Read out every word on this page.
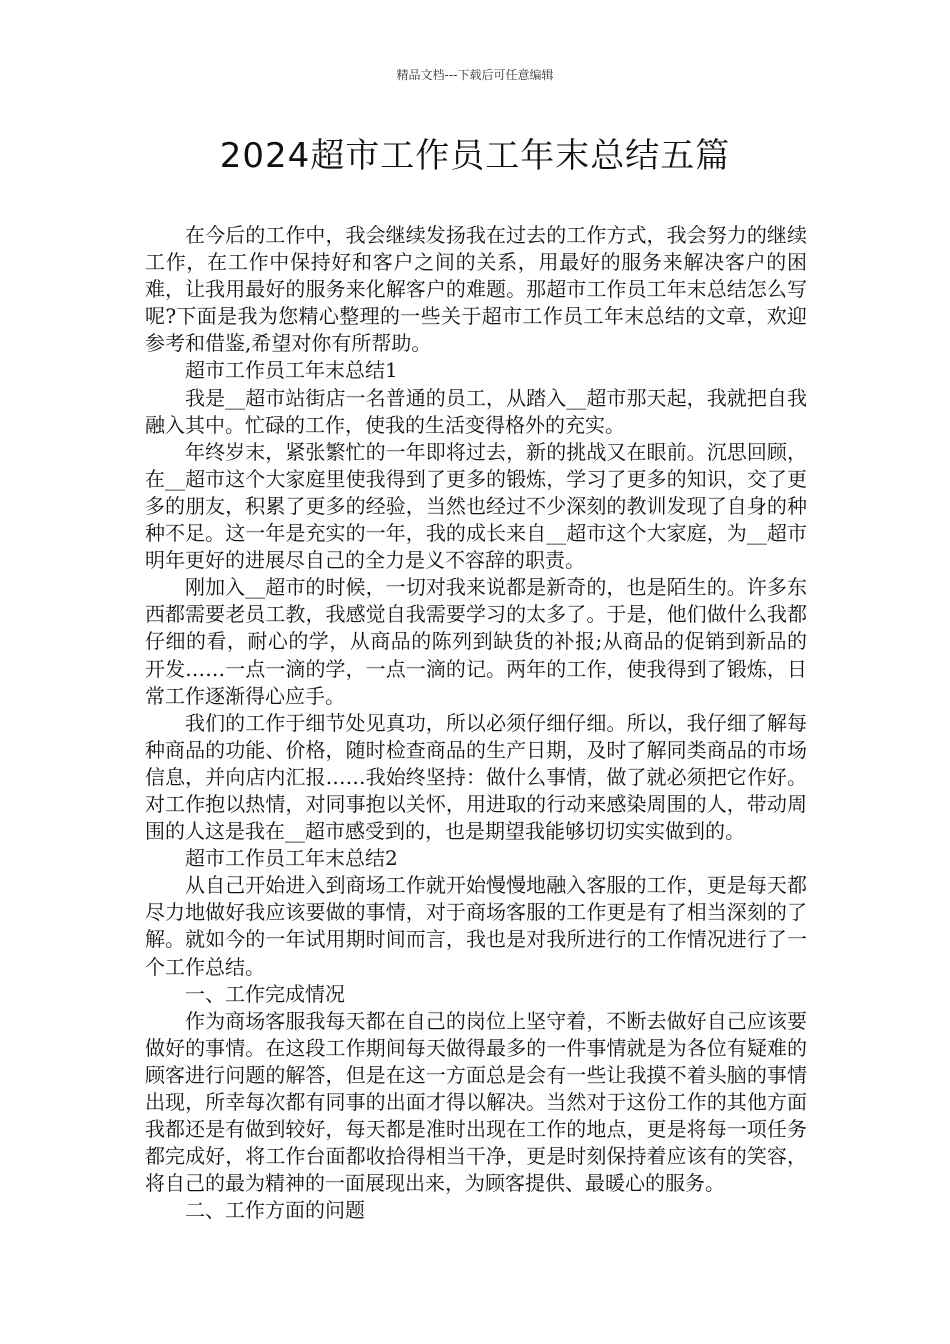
精品文档---下载后可任意编辑
2024超市工作员工年末总结五篇

在今后的工作中，我会继续发扬我在过去的工作方式，我会努力的继续工作，在工作中保持好和客户之间的关系，用最好的服务来解决客户的困难，让我用最好的服务来化解客户的难题。那超市工作员工年末总结怎么写呢?下面是我为您精心整理的一些关于超市工作员工年末总结的文章，欢迎参考和借鉴,希望对你有所帮助。

超市工作员工年末总结1

我是__超市站街店一名普通的员工，从踏入__超市那天起，我就把自我融入其中。忙碌的工作，使我的生活变得格外的充实。

年终岁末，紧张繁忙的一年即将过去，新的挑战又在眼前。沉思回顾，在__超市这个大家庭里使我得到了更多的锻炼，学习了更多的知识，交了更多的朋友，积累了更多的经验，当然也经过不少深刻的教训发现了自身的种种不足。这一年是充实的一年，我的成长来自__超市这个大家庭，为__超市明年更好的进展尽自己的全力是义不容辞的职责。

刚加入__超市的时候，一切对我来说都是新奇的，也是陌生的。许多东西都需要老员工教，我感觉自我需要学习的太多了。于是，他们做什么我都仔细的看，耐心的学，从商品的陈列到缺货的补报;从商品的促销到新品的开发……一点一滴的学，一点一滴的记。两年的工作，使我得到了锻炼，日常工作逐渐得心应手。

我们的工作于细节处见真功，所以必须仔细仔细。所以，我仔细了解每种商品的功能、价格，随时检查商品的生产日期，及时了解同类商品的市场信息，并向店内汇报……我始终坚持：做什么事情，做了就必须把它作好。对工作抱以热情，对同事抱以关怀，用进取的行动来感染周围的人，带动周围的人这是我在__超市感受到的，也是期望我能够切切实实做到的。

超市工作员工年末总结2

从自己开始进入到商场工作就开始慢慢地融入客服的工作，更是每天都尽力地做好我应该要做的事情，对于商场客服的工作更是有了相当深刻的了解。就如今的一年试用期时间而言，我也是对我所进行的工作情况进行了一个工作总结。

一、工作完成情况

作为商场客服我每天都在自己的岗位上坚守着，不断去做好自己应该要做好的事情。在这段工作期间每天做得最多的一件事情就是为各位有疑难的顾客进行问题的解答，但是在这一方面总是会有一些让我摸不着头脑的事情出现，所幸每次都有同事的出面才得以解决。当然对于这份工作的其他方面我都还是有做到较好，每天都是准时出现在工作的地点，更是将每一项任务都完成好，将工作台面都收拾得相当干净，更是时刻保持着应该有的笑容，将自己的最为精神的一面展现出来，为顾客提供、最暖心的服务。

二、工作方面的问题
